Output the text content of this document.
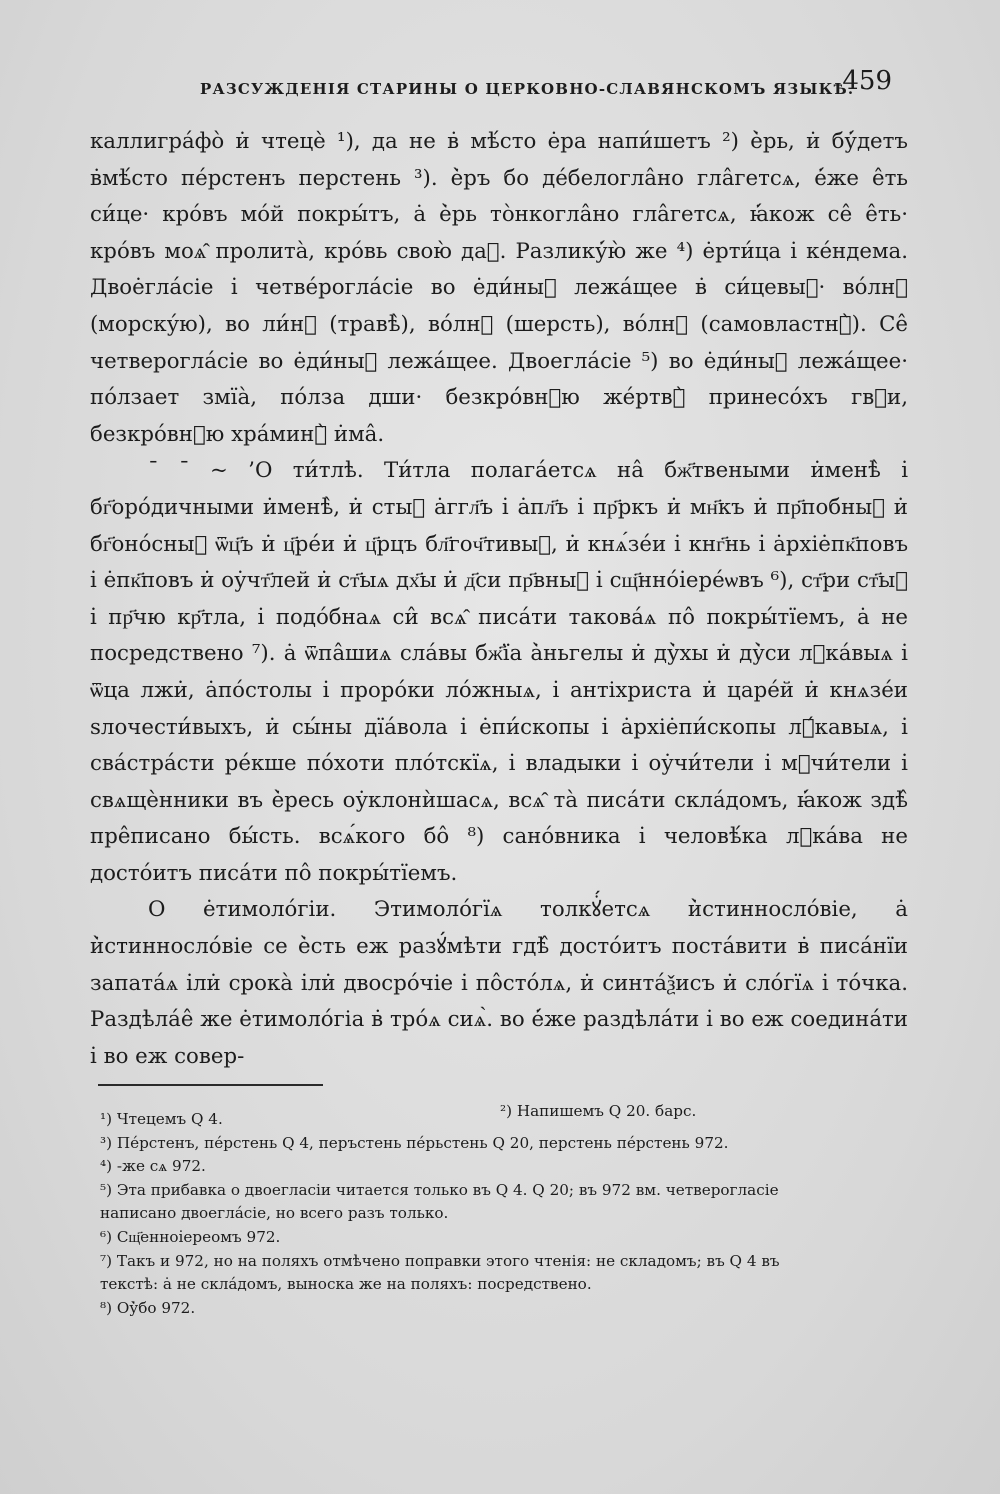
РАЗСУЖДЕНІЯ СТАРИНЫ О ЦЕРКОВНО-СЛАВЯНСКОМЪ ЯЗЫКѢ.
459

каллигра́фо̀ и̇ чтецѐ ¹), да не в̇ мѣ́сто е̇ра напи́шетъ ²) е̇̀рь, и̇ бу̇́детъ в̇мѣ́сто пе́рстенъ перстень ³). е̇̀ръ бо де́белогла̂но гла̂гетсѧ, е̇́же е̂ть си́це· кро́въ мо́й покры́тъ, а̇ е̇̀рь то̀нкогла̂но гла̂гетсѧ, ꙗ̇́кож се̂ е̂ть· кро́въ моѧ̂ пролита̀, кро́вь свою̀ даⷯ. Разлику̇́ю̀ же ⁴) е̇рти́ца і̇ ке́ндема. Двое̇гла́сіе і̇ четве́рогла́сіе во е̇ди́ныⷯ лежа́щее в̇ си́цевыⷯ· во́лнꙋ (морску́ю), во ли́нꙋ (травѣ̀), во́лнꙋ (шерсть), во́лнꙋ (самовластнꙋ̀). Се̂ четверогла́сіе во е̇ди́ныⷯ лежа́щее. Двоегла́сіе ⁵) во е̇ди́ныⷯ лежа́щее· по́лзает змїа̀, по́лза дши· безкро́внꙋю же́ртвꙋ̀ принесо́хъ гвⷭи, безкро́внꙋю хра́минꙋ̀ и̇ма̂.

¯ ¯ ~ ’О ти́тлѣ. Ти́тла полага́етсѧ на̂ бж҃твеными и̇менѣ̀ і̇ бг҃оро́дичными и̇менѣ̀, и̇ стыⷯ а̇ггл҃ъ і̇ а̇пл҃ъ і̇ пр҃ркъ и̇ мн҃къ и̇ пр҃побныⷯ и̇ бг҃оно́сныⷯ ѿц҃ъ и̇ ц҃ре́и и̇ ц҃рцъ бл҃гоч҃тивыⷯ, и̇ кнѧ́зе́и і̇ кнг҃нь і̇ а̇рхіе̇пк҃повъ і̇ е̇пк҃повъ и̇ оу̇чт҃лей и̇ ст҃ыѧ дх҃ы и̇ д҃си пр҃вныⷯ і̇ сщ҃нно́і̇ере́ѡвъ ⁶), ст҃ри ст҃ыⷯ і̇ пр҃чю кр҃тла, і̇ подо́бнаѧ си̂ всѧ̂ писа́ти такова́ѧ по̂ покры́тїемъ, а̇ не посредствено ⁷). а̇ ѿпа̂шиѧ сла́вы бж҃їа а̇̀ньгелы и̇ ду̇̀хы и̇ ду̇̀си лꙋка́выѧ і̇ ѿца лжи̇, а̇по́столы і̇ проро́ки ло́жныѧ, і̇ антіхриста и̇ царе́й и̇ кнѧзе́и ѕлочести́выхъ, и̇ сы́ны дїа́вола і̇ е̇пи́скопы і̇ а̇рхіе̇пи́скопы лꙋ́кавыѧ, і̇ сва́стра́сти ре́кше по́хоти пло́тскїѧ, і̇ владыки і̇ оу̇чи́тели і̇ мꙋчи́тели і̇ свѧщѐнники въ е̇̀ресь оу̇клонѝшасѧ, всѧ̂ та̀ писа́ти скла́домъ, ꙗ̇́кож здѣ̂ пре̂писано бы́сть. всѧ́кого бо̂ ⁸) сано́вника і̇ человѣ́ка лꙋка́ва не досто́итъ писа́ти по̂ покры́тїемъ.

О е̇тимоло́гіи. Этимоло́гїѧ толкꙋ̇́етсѧ и̇̀стинносло́віе, а̇ и̇̀стинносло́віе се е̇̀сть еж разꙋ́мѣти гдѣ̂ досто́итъ поста́вити в̇ писа́нїи запата́ѧ і̇ли̇ срока̀ і̇ли̇ двосро́чіе і̇ по̂сто́лѧ, и̇ синта́ѯисъ и̇ сло́гїѧ і̇ то́чка. Раздѣла́е̂ же е̇тимоло́гіа в̇ тро́ѧ сиѧ̀. во е̇́же раздѣла́ти і̇ во еж соедина́ти і̇ во еж совер-

¹) Чтецемъ Q 4.	²) Напишемъ Q 20. барс.
³) Пе́рстенъ, пе́рстень Q 4, перъстень пе́рьстень Q 20, перстень пе́рстень 972.
⁴) -же сѧ 972.
⁵) Эта прибавка о двоегласіи читается только въ Q 4. Q 20; въ 972 вм. четверогласіе
написано двоегла́сіе, но всего разъ только.
⁶) Сщ҃енноі̇ереомъ 972.
⁷) Такъ и 972, но на поляхъ отмѣчено поправки этого чтенія: не складомъ; въ Q 4 въ
текстѣ: а̇ не скла́домъ, выноска же на поляхъ: посредствено.
⁸) Оу̇̀бо 972.
